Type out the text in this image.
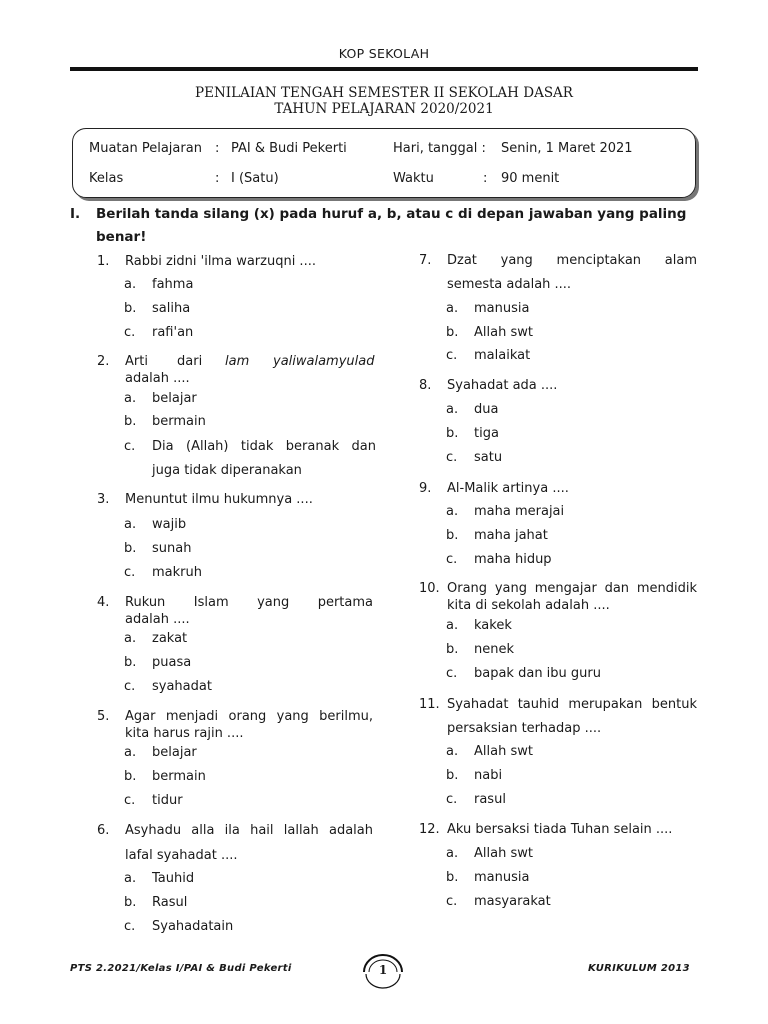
KOP SEKOLAH
PENILAIAN TENGAH SEMESTER II SEKOLAH DASAR
TAHUN PELAJARAN 2020/2021
Muatan Pelajaran : PAI & Budi Pekerti	Hari, tanggal : Senin, 1 Maret 2021
Kelas	: I (Satu)	Waktu	: 90 menit
I. Berilah tanda silang (x) pada huruf a, b, atau c di depan jawaban yang paling
benar!
1. Rabbi zidni 'ilma warzuqni ....
a. fahma
b. saliha
c. rafi'an
2. Arti dari lam yaliwalamyulad
adalah ....
a. belajar
b. bermain
c. Dia (Allah) tidak beranak dan
juga tidak diperanakan
3. Menuntut ilmu hukumnya ....
a. wajib
b. sunah
c. makruh
4. Rukun Islam yang pertama
adalah ....
a. zakat
b. puasa
c. syahadat
5. Agar menjadi orang yang berilmu,
kita harus rajin ....
a. belajar
b. bermain
c. tidur
6. Asyhadu alla ila hail lallah adalah
lafal syahadat ....
a. Tauhid
b. Rasul
c. Syahadatain
7. Dzat yang menciptakan alam
semesta adalah ....
a. manusia
b. Allah swt
c. malaikat
8. Syahadat ada ....
a. dua
b. tiga
c. satu
9. Al-Malik artinya ....
a. maha merajai
b. maha jahat
c. maha hidup
10. Orang yang mengajar dan mendidik
kita di sekolah adalah ....
a. kakek
b. nenek
c. bapak dan ibu guru
11. Syahadat tauhid merupakan bentuk
persaksian terhadap ....
a. Allah swt
b. nabi
c. rasul
12. Aku bersaksi tiada Tuhan selain ....
a. Allah swt
b. manusia
c. masyarakat
PTS 2.2021/Kelas I/PAI & Budi Pekerti	1	KURIKULUM 2013
